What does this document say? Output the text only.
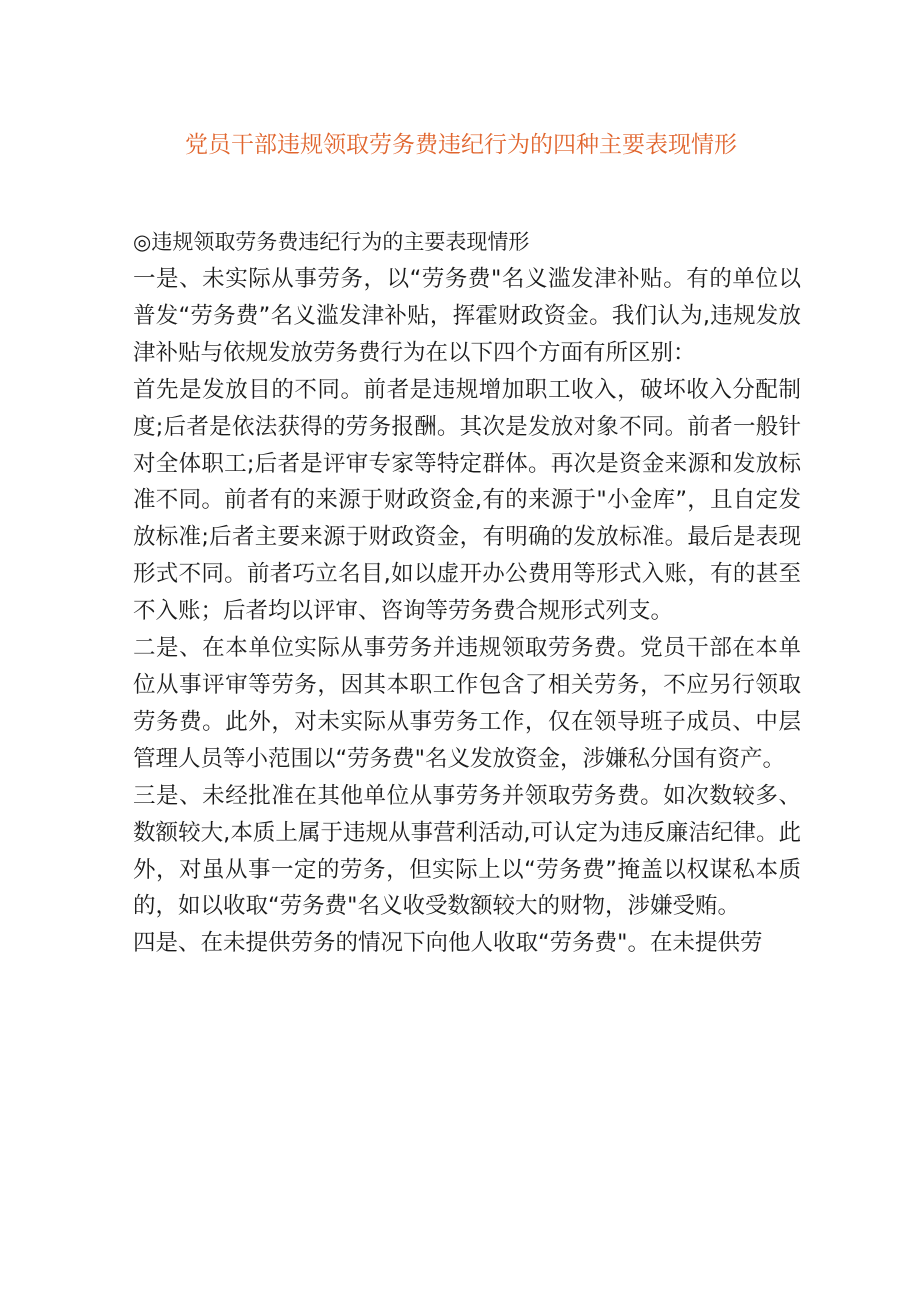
党员干部违规领取劳务费违纪行为的四种主要表现情形
◎违规领取劳务费违纪行为的主要表现情形

一是、未实际从事劳务，以“劳务费"名义滥发津补贴。有的单位以普发“劳务费”名义滥发津补贴，挥霍财政资金。我们认为,违规发放津补贴与依规发放劳务费行为在以下四个方面有所区别：

首先是发放目的不同。前者是违规增加职工收入，破坏收入分配制度;后者是依法获得的劳务报酬。其次是发放对象不同。前者一般针对全体职工;后者是评审专家等特定群体。再次是资金来源和发放标准不同。前者有的来源于财政资金,有的来源于"小金库”，且自定发放标准;后者主要来源于财政资金，有明确的发放标准。最后是表现形式不同。前者巧立名目,如以虚开办公费用等形式入账，有的甚至不入账；后者均以评审、咨询等劳务费合规形式列支。

二是、在本单位实际从事劳务并违规领取劳务费。党员干部在本单位从事评审等劳务，因其本职工作包含了相关劳务，不应另行领取劳务费。此外，对未实际从事劳务工作，仅在领导班子成员、中层管理人员等小范围以“劳务费"名义发放资金，涉嫌私分国有资产。

三是、未经批准在其他单位从事劳务并领取劳务费。如次数较多、数额较大,本质上属于违规从事营利活动,可认定为违反廉洁纪律。此外，对虽从事一定的劳务，但实际上以“劳务费”掩盖以权谋私本质的，如以收取“劳务费"名义收受数额较大的财物，涉嫌受贿。

四是、在未提供劳务的情况下向他人收取“劳务费"。在未提供劳
